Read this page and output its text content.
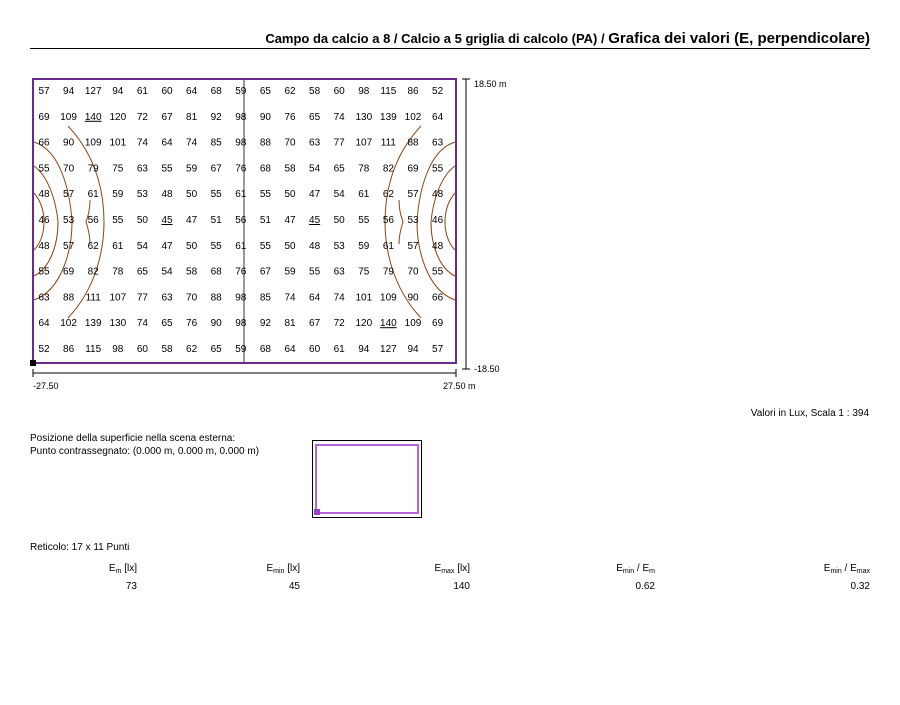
Campo da calcio a 8 / Calcio a 5 griglia di calcolo (PA) / Grafica dei valori (E, perpendicolare)
57 94 127 94 61 60 64 68 59 65 62 58 60 98 115 86 52
69 109 140 120 72 67 81 92 98 90 76 65 74 130 139 102 64
66 90 109 101 74 64 74 85 98 88 70 63 77 107 111 88 63
55 70 79 75 63 55 59 67 76 68 58 54 65 78 82 69 55
48 57 61 59 53 48 50 55 61 55 50 47 54 61 62 57 48
46 53 56 55 50 45 47 51 56 51 47 45 50 55 56 53 46
48 57 62 61 54 47 50 55 61 55 50 48 53 59 61 57 48
55 69 82 78 65 54 58 68 76 67 59 55 63 75 79 70 55
63 88 111 107 77 63 70 88 98 85 74 64 74 101 109 90 66
64 102 139 130 74 65 76 90 98 92 81 67 72 120 140 109 69
52 86 115 98 60 58 62 65 59 68 64 60 61 94 127 94 57
18.50 m
-18.50
-27.50	27.50 m
Valori in Lux, Scala 1 : 394
Posizione della superficie nella scena esterna:
Punto contrassegnato: (0.000 m, 0.000 m, 0.000 m)
Reticolo: 17 x 11 Punti
$E_m$ [lx]
73
$E_{min}$ [lx]
45
$E_{max}$ [lx]
140
$E_{min} / E_m$
0.62
$E_{min} / E_{max}$
0.32
